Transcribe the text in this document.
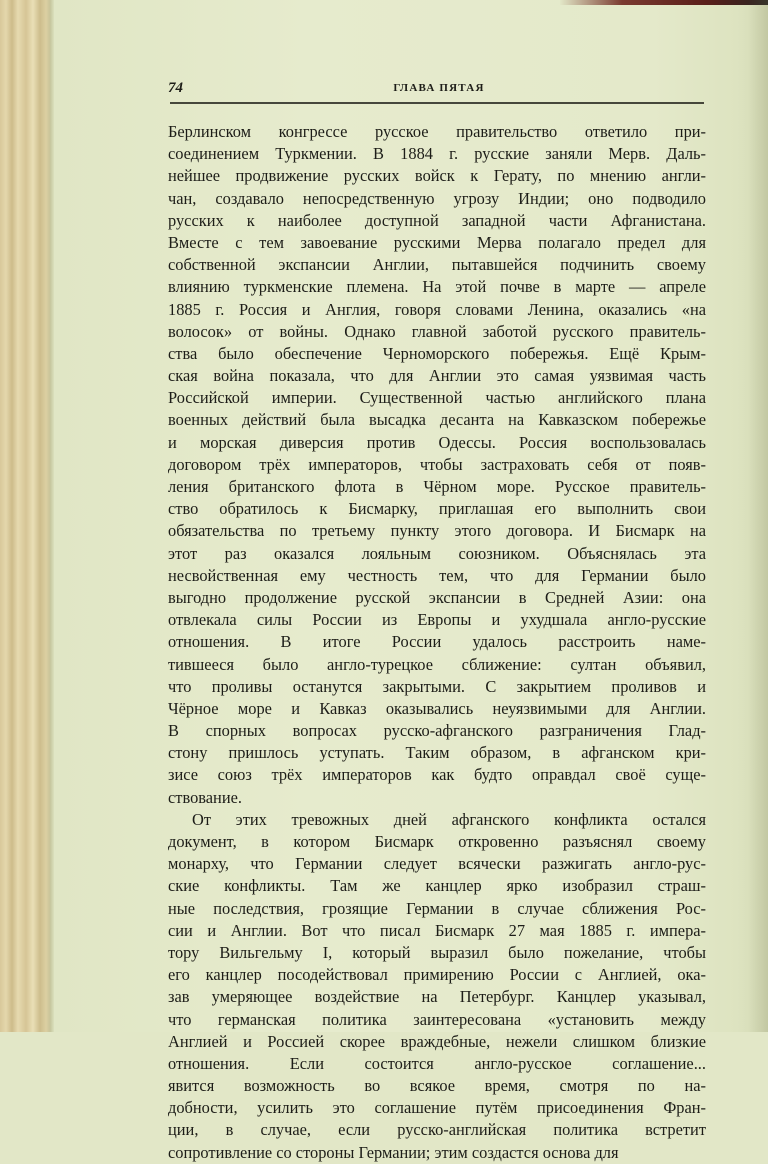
74	ГЛАВА ПЯТАЯ

Берлинском конгрессе русское правительство ответило при-
соединением Туркмении. В 1884 г. русские заняли Мерв. Даль-
нейшее продвижение русских войск к Герату, по мнению англи-
чан, создавало непосредственную угрозу Индии; оно подводило
русских к наиболее доступной западной части Афганистана.
Вместе с тем завоевание русскими Мерва полагало предел для
собственной экспансии Англии, пытавшейся подчинить своему
влиянию туркменские племена. На этой почве в марте — апреле
1885 г. Россия и Англия, говоря словами Ленина, оказались «на
волосок» от войны. Однако главной заботой русского правитель-
ства было обеспечение Черноморского побережья. Ещё Крым-
ская война показала, что для Англии это самая уязвимая часть
Российской империи. Существенной частью английского плана
военных действий была высадка десанта на Кавказском побережье
и морская диверсия против Одессы. Россия воспользовалась
договором трёх императоров, чтобы застраховать себя от появ-
ления британского флота в Чёрном море. Русское правитель-
ство обратилось к Бисмарку, приглашая его выполнить свои
обязательства по третьему пункту этого договора. И Бисмарк на
этот раз оказался лояльным союзником. Объяснялась эта
несвойственная ему честность тем, что для Германии было
выгодно продолжение русской экспансии в Средней Азии: она
отвлекала силы России из Европы и ухудшала англо-русские
отношения. В итоге России удалось расстроить наме-
тившееся было англо-турецкое сближение: султан объявил,
что проливы останутся закрытыми. С закрытием проливов и
Чёрное море и Кавказ оказывались неуязвимыми для Англии.
В спорных вопросах русско-афганского разграничения Глад-
стону пришлось уступать. Таким образом, в афганском кри-
зисе союз трёх императоров как будто оправдал своё суще-
ствование.

От этих тревожных дней афганского конфликта остался
документ, в котором Бисмарк откровенно разъяснял своему
монарху, что Германии следует всячески разжигать англо-рус-
ские конфликты. Там же канцлер ярко изобразил страш-
ные последствия, грозящие Германии в случае сближения Рос-
сии и Англии. Вот что писал Бисмарк 27 мая 1885 г. импера-
тору Вильгельму I, который выразил было пожелание, чтобы
его канцлер посодействовал примирению России с Англией, ока-
зав умеряющее воздействие на Петербург. Канцлер указывал,
что германская политика заинтересована «установить между
Англией и Россией скорее враждебные, нежели слишком близкие
отношения. Если состоится англо-русское соглашение...
явится возможность во всякое время, смотря по на-
добности, усилить это соглашение путём присоединения Фран-
ции, в случае, если русско-английская политика встретит
сопротивление со стороны Германии; этим создастся основа для
